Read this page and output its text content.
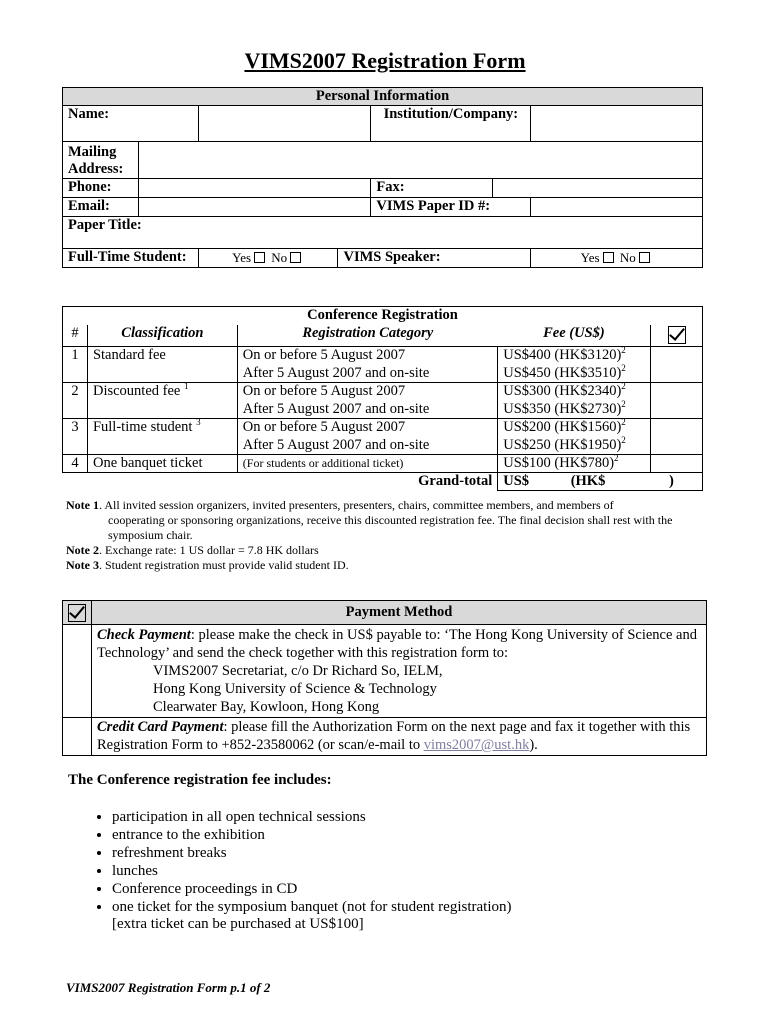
VIMS2007 Registration Form
Personal Information						
Name:				Institution/Company:		
Mailing Address:						
Phone:				Fax:		
Email:				VIMS Paper ID #:		
Paper Title:						
Full-Time Student:		Yes No	VIMS Speaker:			Yes No
Conference Registration				
#	Classification	Registration Category	Fee (US$)	
1	Standard fee	On or before 5 August 2007	US$400 (HK$3120)$^2$	
		After 5 August 2007 and on-site	US$450 (HK$3510)$^2$
2	Discounted fee $^1$	On or before 5 August 2007	US$300 (HK$2340)$^2$	
		After 5 August 2007 and on-site	US$350 (HK$2730)$^2$
3	Full-time student $^3$	On or before 5 August 2007	US$200 (HK$1560)$^2$	
		After 5 August 2007 and on-site	US$250 (HK$1950)$^2$
4	One banquet ticket	(For students or additional ticket)	US$100 (HK$780)$^2$	
Grand-total			US$ (HK$ )	

Note 1. All invited session organizers, invited presenters, presenters, chairs, committee members, and members of

cooperating or sponsoring organizations, receive this discounted registration fee. The final decision shall rest with the

symposium chair.

Note 2. Exchange rate: 1 US dollar = 7.8 HK dollars

Note 3. Student registration must provide valid student ID.

	Payment Method
	Check Payment: please make the check in US$ payable to: ‘The Hong Kong University of Science and Technology’ and send the check together with this registration form to:
VIMS2007 Secretariat, c/o Dr Richard So, IELM,
Hong Kong University of Science & Technology
Clearwater Bay, Kowloon, Hong Kong

	Credit Card Payment: please fill the Authorization Form on the next page and fax it together with this Registration Form to +852-23580062 (or scan/e-mail to vims2007@ust.hk).
The Conference registration fee includes:
• participation in all open technical sessions
• entrance to the exhibition
• refreshment breaks
• lunches
• Conference proceedings in CD
• one ticket for the symposium banquet (not for student registration)
[extra ticket can be purchased at US$100]
VIMS2007 Registration Form p.1 of 2
